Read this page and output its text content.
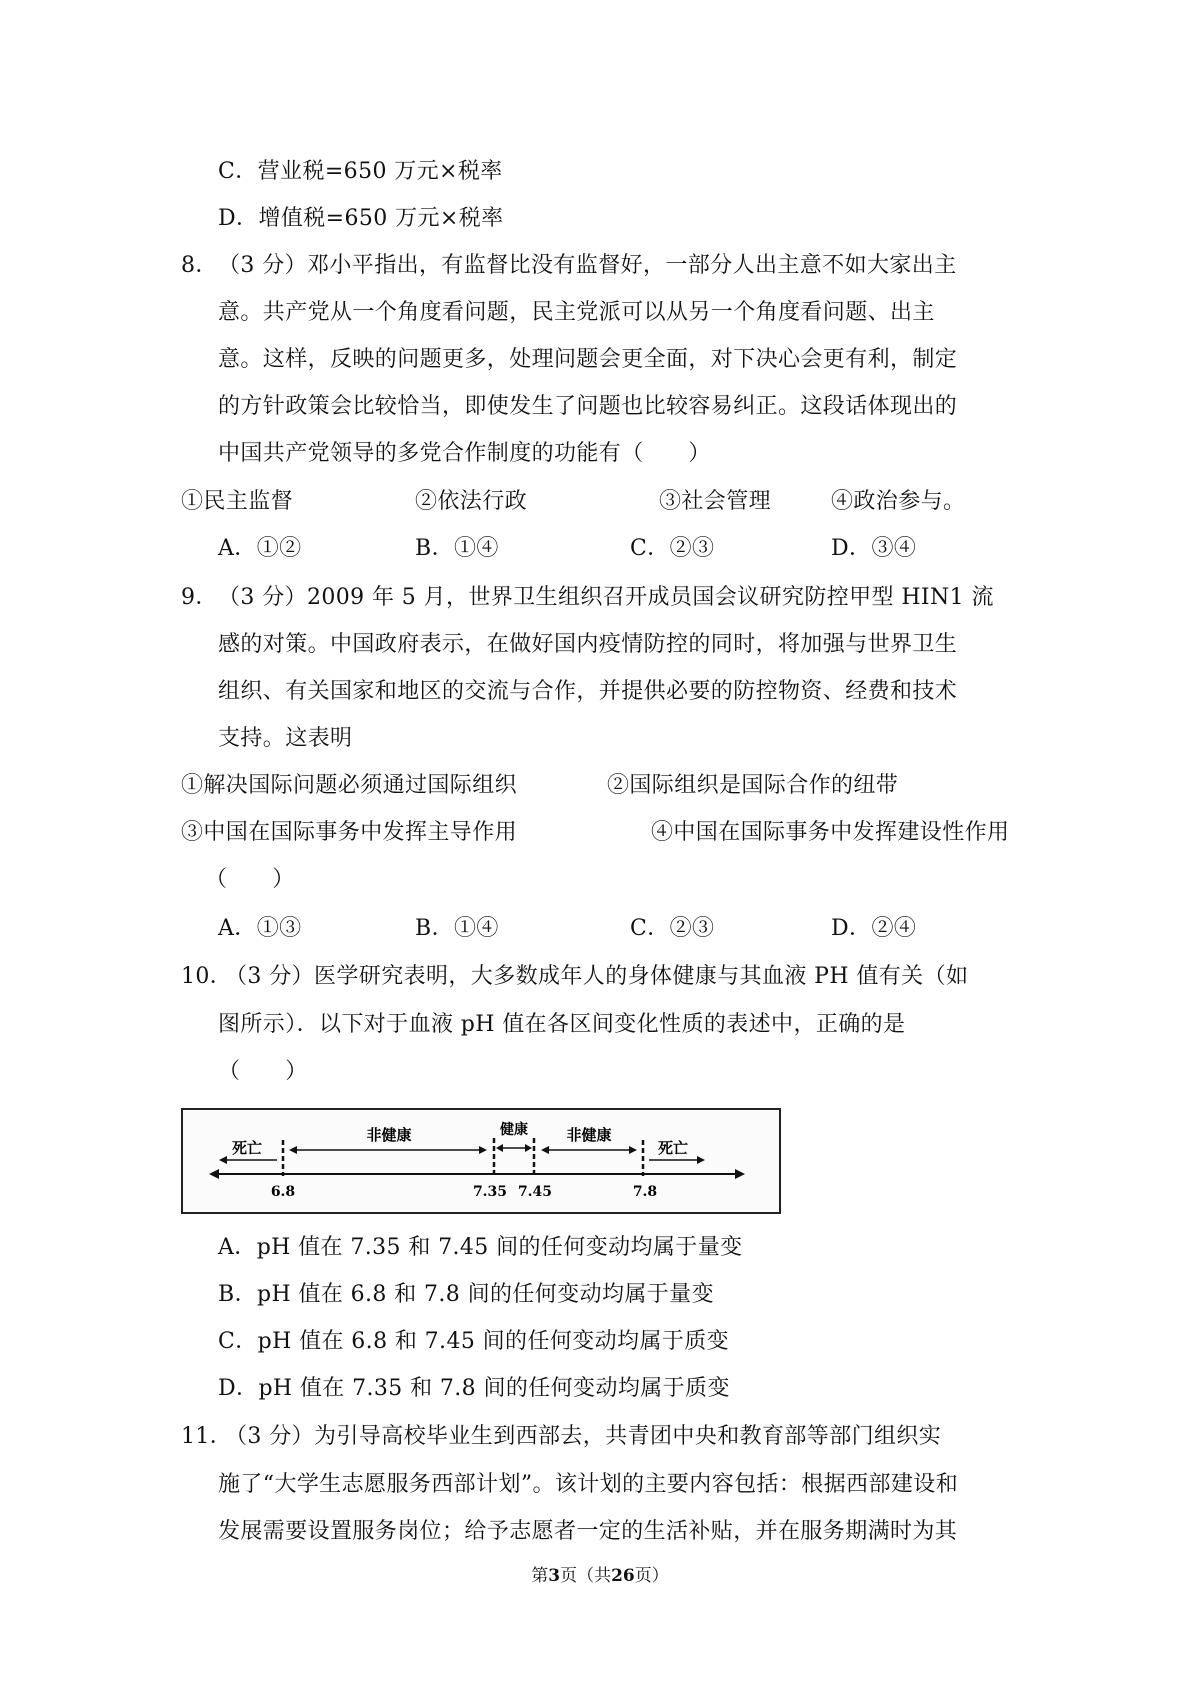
C．营业税=650 万元×税率
D．增值税=650 万元×税率
8． （3 分）邓小平指出，有监督比没有监督好，一部分人出主意不如大家出主
意。共产党从一个角度看问题，民主党派可以从另一个角度看问题、出主
意。这样，反映的问题更多，处理问题会更全面，对下决心会更有利，制定
的方针政策会比较恰当，即使发生了问题也比较容易纠正。这段话体现出的
中国共产党领导的多党合作制度的功能有（　　）
①民主监督	②依法行政	③社会管理	④政治参与。
A．①②	B．①④	C．②③	D．③④
9． （3 分）2009 年 5 月，世界卫生组织召开成员国会议研究防控甲型 HIN1 流
感的对策。中国政府表示，在做好国内疫情防控的同时，将加强与世界卫生
组织、有关国家和地区的交流与合作，并提供必要的防控物资、经费和技术
支持。这表明
①解决国际问题必须通过国际组织	②国际组织是国际合作的纽带
③中国在国际事务中发挥主导作用	④中国在国际事务中发挥建设性作用
（　　）
A．①③	B．①④	C．②③	D．②④
10．
（3 分）医学研究表明，大多数成年人的身体健康与其血液 PH 值有关（如
图所示）．以下对于血液 pH 值在各区间变化性质的表述中，正确的是
（　　）
死亡
非健康	健康	非健康
死亡
6.8	7.35 7.45	7.8
A．pH 值在 7.35 和 7.45 间的任何变动均属于量变
B．pH 值在 6.8 和 7.8 间的任何变动均属于量变
C．pH 值在 6.8 和 7.45 间的任何变动均属于质变
D．pH 值在 7.35 和 7.8 间的任何变动均属于质变
11．
（3 分）为引导高校毕业生到西部去，共青团中央和教育部等部门组织实
施了“大学生志愿服务西部计划”。该计划的主要内容包括：根据西部建设和
发展需要设置服务岗位；给予志愿者一定的生活补贴，并在服务期满时为其
第3页（共26页）
